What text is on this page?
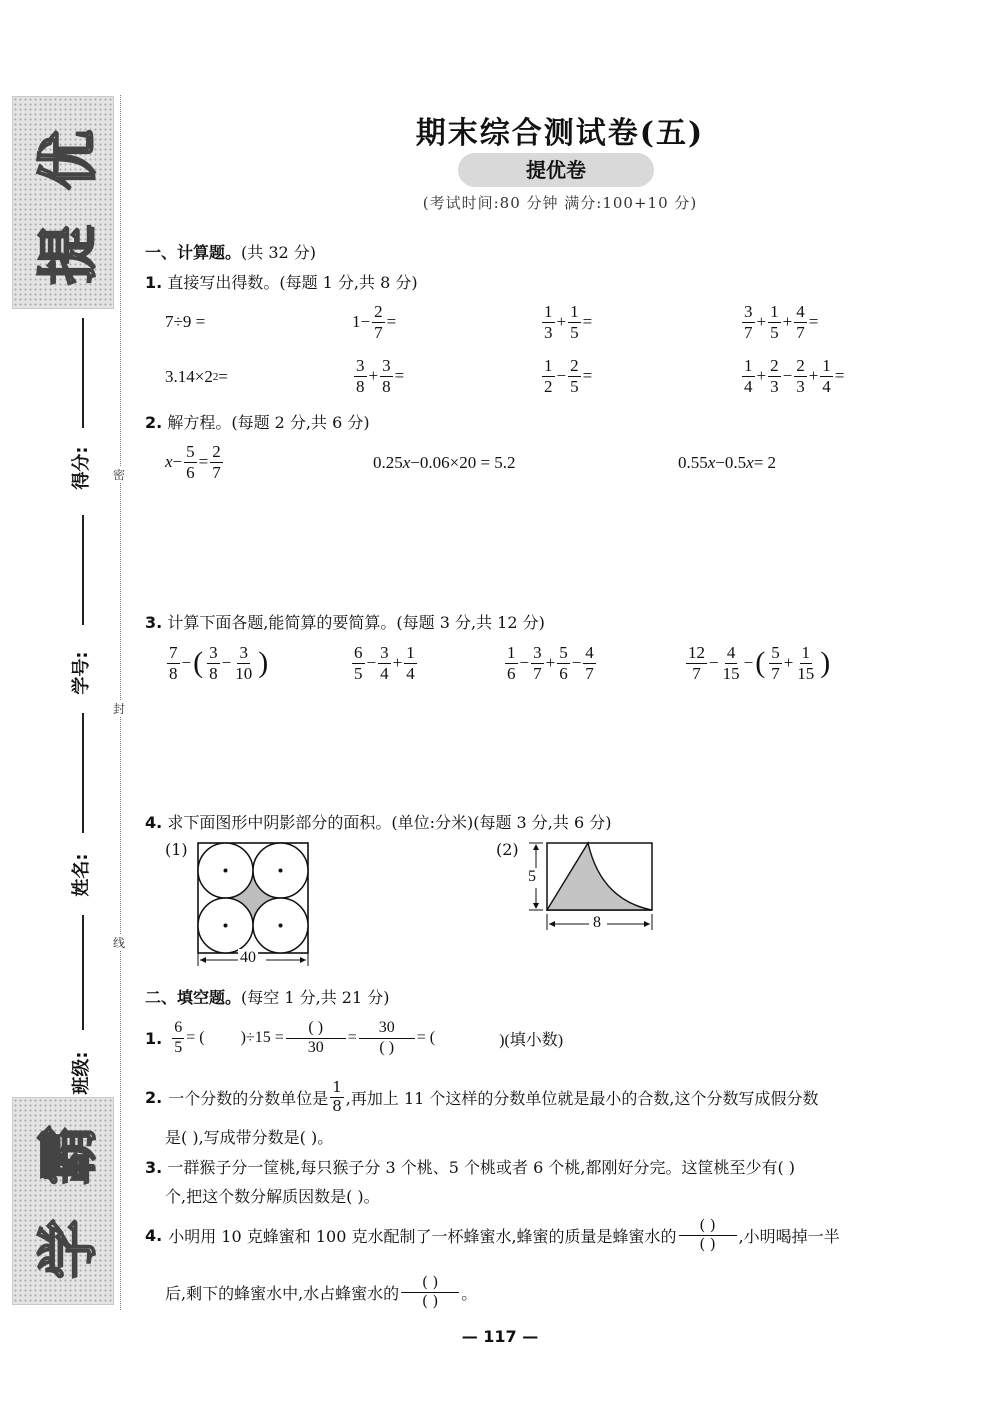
优
提
霸
学
得分:
学号:
姓名:
班级:
密
封
线
期末综合测试卷(五)
提优卷
(考试时间:80 分钟 满分:100+10 分)
一、计算题。(共 32 分)
1. 直接写出得数。(每题 1 分,共 8 分)
7÷9 =	$1- \frac{2}{7}$ =	$\frac{1}{3} + \frac{1}{5}$ =	$\frac{3}{7} + \frac{1}{5} + \frac{4}{7}$ =
3.14×2 2 =	$\frac{3}{8} + \frac{3}{8}$ =	$\frac{1}{2} - \frac{2}{5}$ =	$\frac{1}{4} + \frac{2}{3} - \frac{2}{3} + \frac{1}{4}$ =
2. 解方程。(每题 2 分,共 6 分)
$x - \frac{5}{6} = \frac{2}{7}$	0.25 x −0.06×20 = 5.2	0.55 x −0.5 x = 2
3. 计算下面各题,能简算的要简算。(每题 3 分,共 12 分)
$\frac{7}{8}$ − ( $\frac{3}{8} - \frac{3}{10}$ )	$\frac{6}{5} - \frac{3}{4} + \frac{1}{4}$	$\frac{1}{6} - \frac{3}{7} + \frac{5}{6} - \frac{4}{7}$	$\frac{12}{7} - \frac{4}{15}$ − ( $\frac{5}{7} + \frac{1}{15}$ )
4. 求下面图形中阴影部分的面积。(单位:分米)(每题 3 分,共 6 分)
(1)
40
(2)
5
8
二、填空题。(每空 1 分,共 21 分)
1. $\frac{6}{5}$ = ( )$\div 15 = \frac{( )}{30} = \frac{30}{( )}$ = (	)(填小数)
2. 一个分数的分数单位是 $\frac{1}{8}$ ,再加上 11 个这样的分数单位就是最小的合数,这个分数写成假分数
是( ),写成带分数是( )。
3. 一群猴子分一筐桃,每只猴子分 3 个桃、5 个桃或者 6 个桃,都刚好分完。这筐桃至少有( )
个,把这个数分解质因数是( )。
4. 小明用 10 克蜂蜜和 100 克水配制了一杯蜂蜜水,蜂蜜的质量是蜂蜜水的 $\frac{( )}{( )}$ ,小明喝掉一半
后,剩下的蜂蜜水中,水占蜂蜜水的 $\frac{( )}{( )}$ 。
— 117 —
